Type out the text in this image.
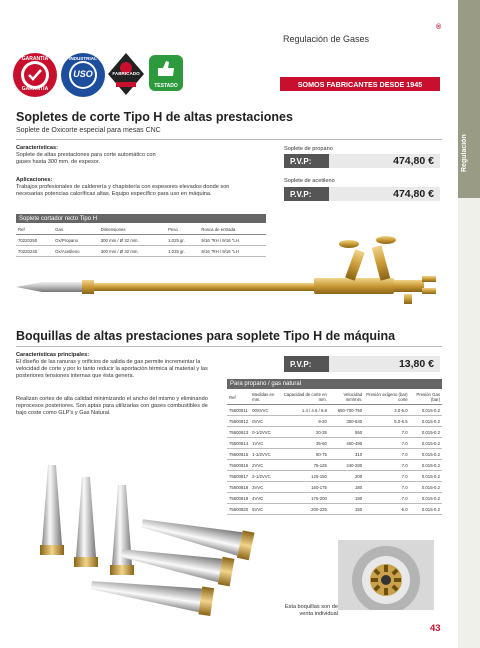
Regulación de Gases
®
Regulación
GARANTÍA
GARANTÍA
USO
INDUSTRIAL
FABRICADO
TESTADO	SOMOS FABRICANTES DESDE 1945
Sopletes de corte Tipo H de altas prestaciones
Soplete de Oxicorte especial para mesas CNC
Características:
Soplete de altas prestaciones para corte automático con gases hasta 300 mm. de espesor.
Aplicaciones:
Trabajos profesionales de calderería y chapistería con espesores elevados donde son necesarias potencias caloríficas altas. Equipo específico para uso en máquina.
Soplete de propano
P.V.P:	474,80 €
Soplete de acetileno
P.V.P:	474,80 €
Soplete cortador recto Tipo H
Ref	Gas	Dimensiones	Peso	Rosca de entrada
70220250	Ox/Propano	300 mm / Ø 32 mm.	1.025 gr.	9/16 "RH / 9/16 "LH
70220240	Ox/Acetileno	300 mm / Ø 32 mm.	1.025 gr.	9/16 "RH / 9/16 "LH
Boquillas de altas prestaciones para soplete Tipo H de máquina
Características principales:
El diseño de las ranuras y orificios de salida de gas permite incrementar la velocidad de corte y por lo tanto reducir la aportación térmica al material y las posteriores tensiones internas que ésta genera.
Realizan cortes de alta calidad minimizando el ancho del mismo y eliminando reprocesos posteriores. Son aptas para utilizarlas con gases combustibles de bajo coste como GLP's y Gas Natural.
P.V.P:	13,80 €
Para propano / gas natural
Ref	Medidas en mm.	Capacidad de corte en mm.	Velocidad mm/min.	Presión oxígeno (bar) corte	Presión Gas (bar)
75600811	00SVVC	1.4 / 4.6 / 6.8	650-700-750	3.0-5.0	0.015-0.2
75600812	0VVC	9-20	300-630	5.0-6.5	0.015-0.2
75600813	0-1/2VVC	20-35	550	7.0	0.015-0.2
75600814	1VVC	35-60	400-480	7.0	0.015-0.2
75600815	1-1/2VVC	60-75	310	7.0	0.015-0.2
75600816	2VVC	75-125	240-280	7.0	0.015-0.2
75600817	2-1/2VVC	125-150	200	7.0	0.015-0.2
75600818	3VVC	150-175	180	7.0	0.015-0.2
75600819	4VVC	175-200	180	7.0	0.015-0.2
75600820	5VVC	200-225	150	6.0	0.015-0.2
Esta boquillas son de venta individual
43
